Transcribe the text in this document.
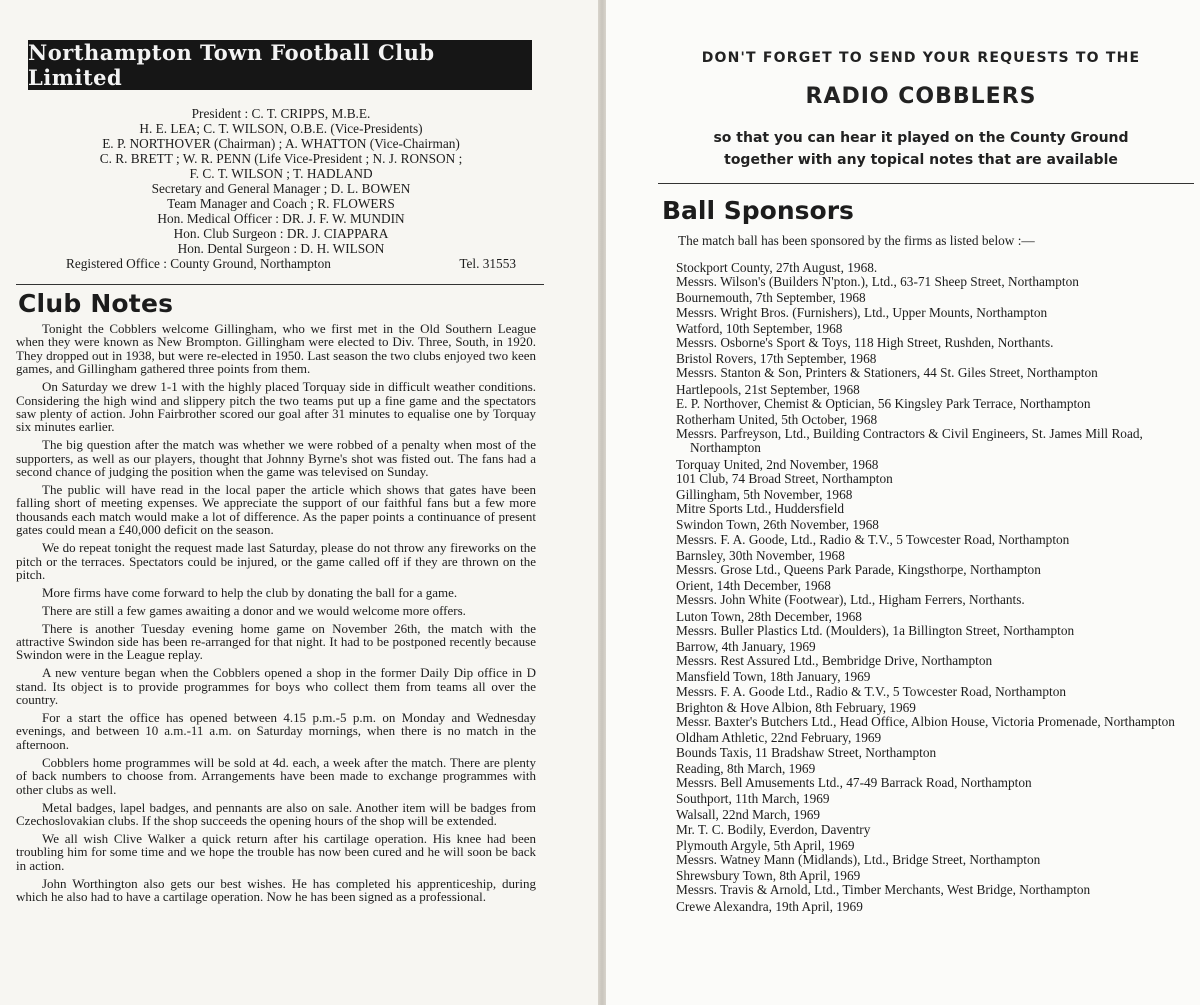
Northampton Town Football Club Limited
President : C. T. CRIPPS, M.B.E.
H. E. LEA; C. T. WILSON, O.B.E. (Vice-Presidents)
E. P. NORTHOVER (Chairman) ; A. WHATTON (Vice-Chairman)
C. R. BRETT ; W. R. PENN (Life Vice-President ; N. J. RONSON ;
F. C. T. WILSON ; T. HADLAND
Secretary and General Manager ; D. L. BOWEN
Team Manager and Coach ; R. FLOWERS
Hon. Medical Officer : DR. J. F. W. MUNDIN
Hon. Club Surgeon : DR. J. CIAPPARA
Hon. Dental Surgeon : D. H. WILSON
Registered Office : County Ground, Northampton	Tel. 31553
Club Notes

Tonight the Cobblers welcome Gillingham, who we first met in the Old Southern League when they were known as New Brompton. Gillingham were elected to Div. Three, South, in 1920. They dropped out in 1938, but were re-elected in 1950. Last season the two clubs enjoyed two keen games, and Gillingham gathered three points from them.

On Saturday we drew 1-1 with the highly placed Torquay side in difficult weather conditions. Considering the high wind and slippery pitch the two teams put up a fine game and the spectators saw plenty of action. John Fairbrother scored our goal after 31 minutes to equalise one by Torquay six minutes earlier.

The big question after the match was whether we were robbed of a penalty when most of the supporters, as well as our players, thought that Johnny Byrne's shot was fisted out. The fans had a second chance of judging the position when the game was televised on Sunday.

The public will have read in the local paper the article which shows that gates have been falling short of meeting expenses. We appreciate the support of our faithful fans but a few more thousands each match would make a lot of difference. As the paper points a continuance of present gates could mean a £40,000 deficit on the season.

We do repeat tonight the request made last Saturday, please do not throw any fireworks on the pitch or the terraces. Spectators could be injured, or the game called off if they are thrown on the pitch.

More firms have come forward to help the club by donating the ball for a game.

There are still a few games awaiting a donor and we would welcome more offers.

There is another Tuesday evening home game on November 26th, the match with the attractive Swindon side has been re-arranged for that night. It had to be postponed recently because Swindon were in the League replay.

A new venture began when the Cobblers opened a shop in the former Daily Dip office in D stand. Its object is to provide programmes for boys who collect them from teams all over the country.

For a start the office has opened between 4.15 p.m.-5 p.m. on Monday and Wednesday evenings, and between 10 a.m.-11 a.m. on Saturday mornings, when there is no match in the afternoon.

Cobblers home programmes will be sold at 4d. each, a week after the match. There are plenty of back numbers to choose from. Arrangements have been made to exchange programmes with other clubs as well.

Metal badges, lapel badges, and pennants are also on sale. Another item will be badges from Czechoslovakian clubs. If the shop succeeds the opening hours of the shop will be extended.

We all wish Clive Walker a quick return after his cartilage operation. His knee had been troubling him for some time and we hope the trouble has now been cured and he will soon be back in action.

John Worthington also gets our best wishes. He has completed his apprenticeship, during which he also had to have a cartilage operation. Now he has been signed as a professional.

DON'T FORGET TO SEND YOUR REQUESTS TO THE
RADIO COBBLERS
so that you can hear it played on the County Ground
together with any topical notes that are available
Ball Sponsors
The match ball has been sponsored by the firms as listed below :—
Stockport County, 27th August, 1968.
Messrs. Wilson's (Builders N'pton.), Ltd., 63-71 Sheep Street, Northampton
Bournemouth, 7th September, 1968
Messrs. Wright Bros. (Furnishers), Ltd., Upper Mounts, Northampton
Watford, 10th September, 1968
Messrs. Osborne's Sport & Toys, 118 High Street, Rushden, Northants.
Bristol Rovers, 17th September, 1968
Messrs. Stanton & Son, Printers & Stationers, 44 St. Giles Street, Northampton
Hartlepools, 21st September, 1968
E. P. Northover, Chemist & Optician, 56 Kingsley Park Terrace, Northampton
Rotherham United, 5th October, 1968
Messrs. Parfreyson, Ltd., Building Contractors & Civil Engineers, St. James Mill Road, Northampton
Torquay United, 2nd November, 1968
101 Club, 74 Broad Street, Northampton
Gillingham, 5th November, 1968
Mitre Sports Ltd., Huddersfield
Swindon Town, 26th November, 1968
Messrs. F. A. Goode, Ltd., Radio & T.V., 5 Towcester Road, Northampton
Barnsley, 30th November, 1968
Messrs. Grose Ltd., Queens Park Parade, Kingsthorpe, Northampton
Orient, 14th December, 1968
Messrs. John White (Footwear), Ltd., Higham Ferrers, Northants.
Luton Town, 28th December, 1968
Messrs. Buller Plastics Ltd. (Moulders), 1a Billington Street, Northampton
Barrow, 4th January, 1969
Messrs. Rest Assured Ltd., Bembridge Drive, Northampton
Mansfield Town, 18th January, 1969
Messrs. F. A. Goode Ltd., Radio & T.V., 5 Towcester Road, Northampton
Brighton & Hove Albion, 8th February, 1969
Messr. Baxter's Butchers Ltd., Head Office, Albion House, Victoria Promenade, Northampton
Oldham Athletic, 22nd February, 1969
Bounds Taxis, 11 Bradshaw Street, Northampton
Reading, 8th March, 1969
Messrs. Bell Amusements Ltd., 47-49 Barrack Road, Northampton
Southport, 11th March, 1969
Walsall, 22nd March, 1969
Mr. T. C. Bodily, Everdon, Daventry
Plymouth Argyle, 5th April, 1969
Messrs. Watney Mann (Midlands), Ltd., Bridge Street, Northampton
Shrewsbury Town, 8th April, 1969
Messrs. Travis & Arnold, Ltd., Timber Merchants, West Bridge, Northampton
Crewe Alexandra, 19th April, 1969
